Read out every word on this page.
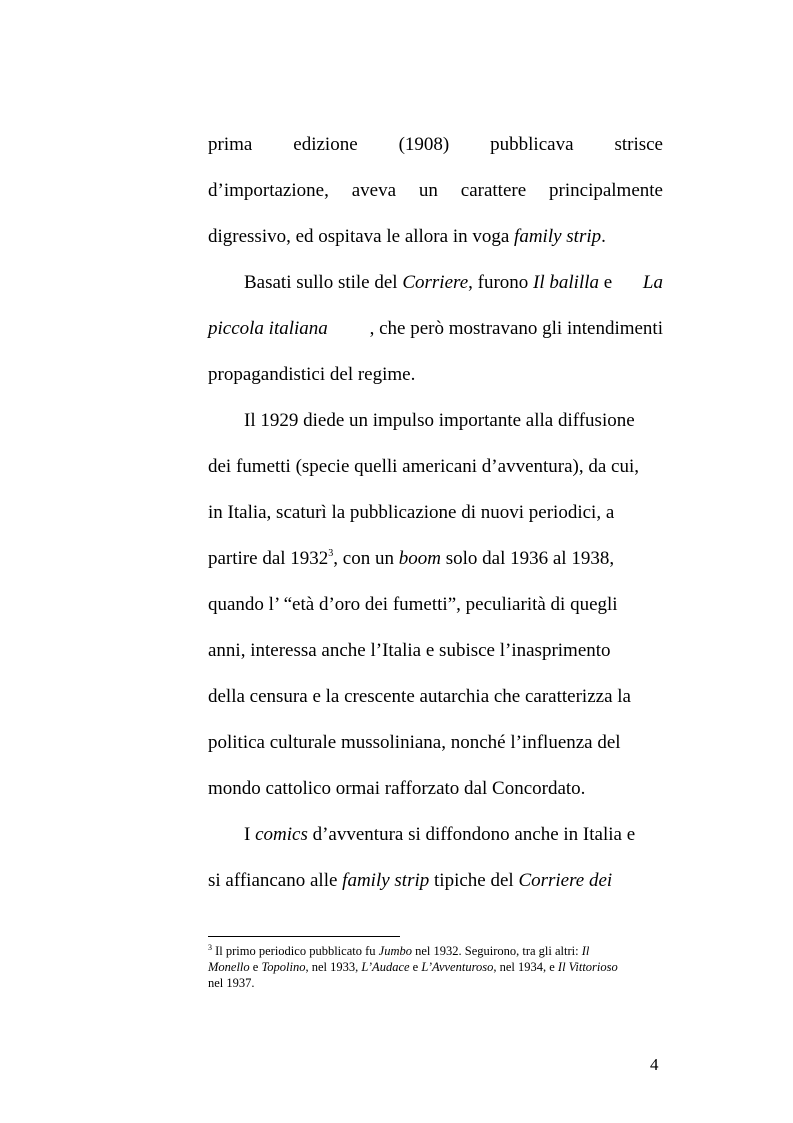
prima edizione (1908) pubblicava strisce
d’importazione, aveva un carattere principalmente
digressivo, ed ospitava le allora in voga family strip.
Basati sullo stile del Corriere, furono Il balilla e La
piccola italiana , che però mostravano gli intendimenti
propagandistici del regime.
Il 1929 diede un impulso importante alla diffusione
dei fumetti (specie quelli americani d’avventura), da cui,
in Italia, scaturì la pubblicazione di nuovi periodici, a
partire dal 1932$^3$, con un boom solo dal 1936 al 1938,
quando l’ “età d’oro dei fumetti”, peculiarità di quegli
anni, interessa anche l’Italia e subisce l’inasprimento
della censura e la crescente autarchia che caratterizza la
politica culturale mussoliniana, nonché l’influenza del
mondo cattolico ormai rafforzato dal Concordato.
I comics d’avventura si diffondono anche in Italia e
si affiancano alle family strip tipiche del Corriere dei
$^3$ Il primo periodico pubblicato fu Jumbo nel 1932. Seguirono, tra gli altri: Il
Monello e Topolino, nel 1933, L’Audace e L’Avventuroso, nel 1934, e Il Vittorioso
nel 1937.
4
